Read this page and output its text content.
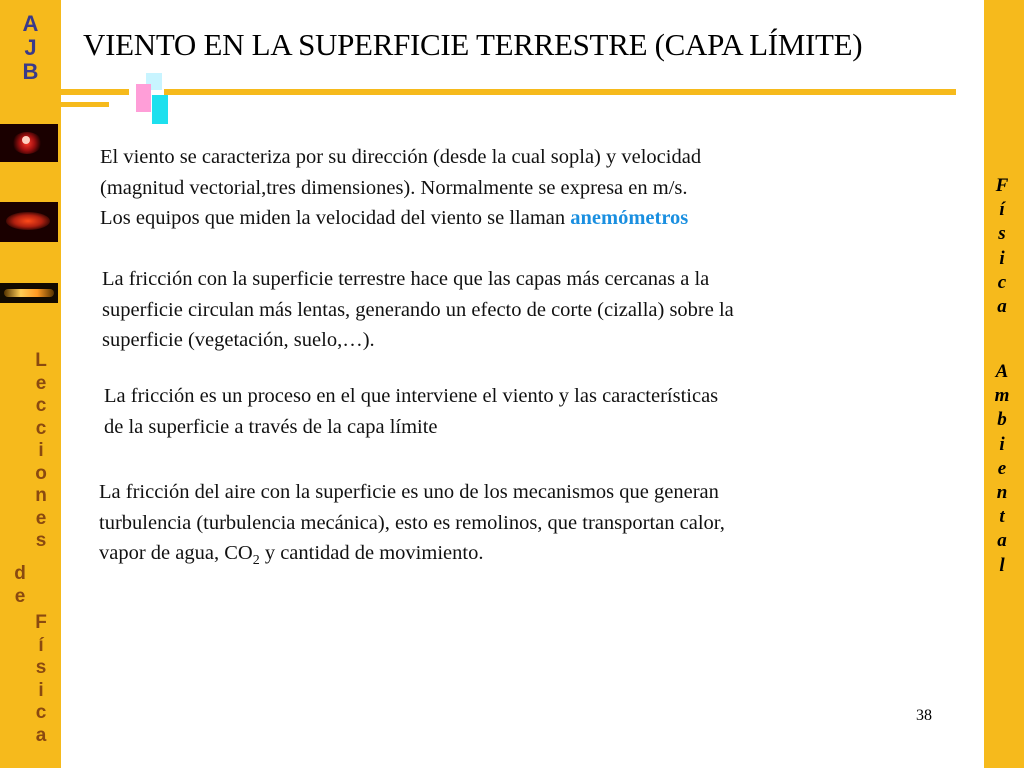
A
J
B
L
e
c
c
i
o
n
e
s
d
e
F
í
s
i
c
a
F
í
s
i
c
a
A
m
b
i
e
n
t
a
l
VIENTO EN LA SUPERFICIE TERRESTRE (CAPA LÍMITE)
El viento se caracteriza por su dirección (desde la cual sopla) y velocidad
(magnitud vectorial,tres dimensiones). Normalmente se expresa en m/s.
Los equipos que miden la velocidad del viento se llaman anemómetros
La fricción con la superficie terrestre hace que las capas más cercanas a la
superficie circulan más lentas, generando un efecto de corte (cizalla) sobre la
superficie (vegetación, suelo,…).
La fricción es un proceso en el que interviene el viento y las características
de la superficie a través de la capa límite
La fricción del aire con la superficie es uno de los mecanismos que generan
turbulencia (turbulencia mecánica), esto es remolinos, que transportan calor,
vapor de agua, $CO_2$ y cantidad de movimiento.
38
